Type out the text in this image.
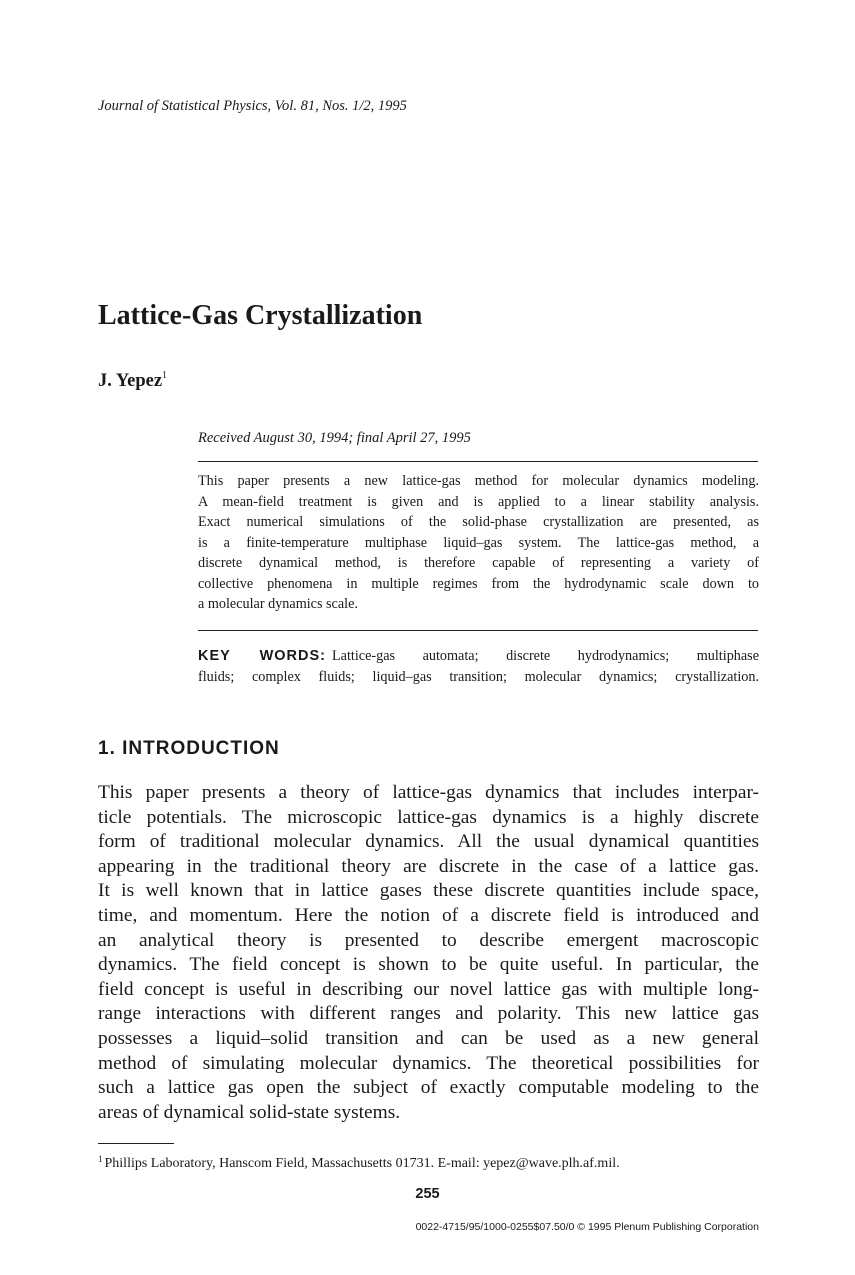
Journal of Statistical Physics, Vol. 81, Nos. 1/2, 1995
Lattice-Gas Crystallization
J. Yepez$^1$
Received August 30, 1994; final April 27, 1995
This paper presents a new lattice-gas method for molecular dynamics modeling.
A mean-field treatment is given and is applied to a linear stability analysis.
Exact numerical simulations of the solid-phase crystallization are presented, as
is a finite-temperature multiphase liquid–gas system. The lattice-gas method, a
discrete dynamical method, is therefore capable of representing a variety of
collective phenomena in multiple regimes from the hydrodynamic scale down to
a molecular dynamics scale.
KEY WORDS: Lattice-gas automata; discrete hydrodynamics; multiphase
fluids; complex fluids; liquid–gas transition; molecular dynamics; crystallization.
1. INTRODUCTION
This paper presents a theory of lattice-gas dynamics that includes interpar-
ticle potentials. The microscopic lattice-gas dynamics is a highly discrete
form of traditional molecular dynamics. All the usual dynamical quantities
appearing in the traditional theory are discrete in the case of a lattice gas.
It is well known that in lattice gases these discrete quantities include space,
time, and momentum. Here the notion of a discrete field is introduced and
an analytical theory is presented to describe emergent macroscopic
dynamics. The field concept is shown to be quite useful. In particular, the
field concept is useful in describing our novel lattice gas with multiple long-
range interactions with different ranges and polarity. This new lattice gas
possesses a liquid–solid transition and can be used as a new general
method of simulating molecular dynamics. The theoretical possibilities for
such a lattice gas open the subject of exactly computable modeling to the
areas of dynamical solid-state systems.
$^1$ Phillips Laboratory, Hanscom Field, Massachusetts 01731. E-mail: yepez@wave.plh.af.mil.
255
0022-4715/95/1000-0255$07.50/0 © 1995 Plenum Publishing Corporation
